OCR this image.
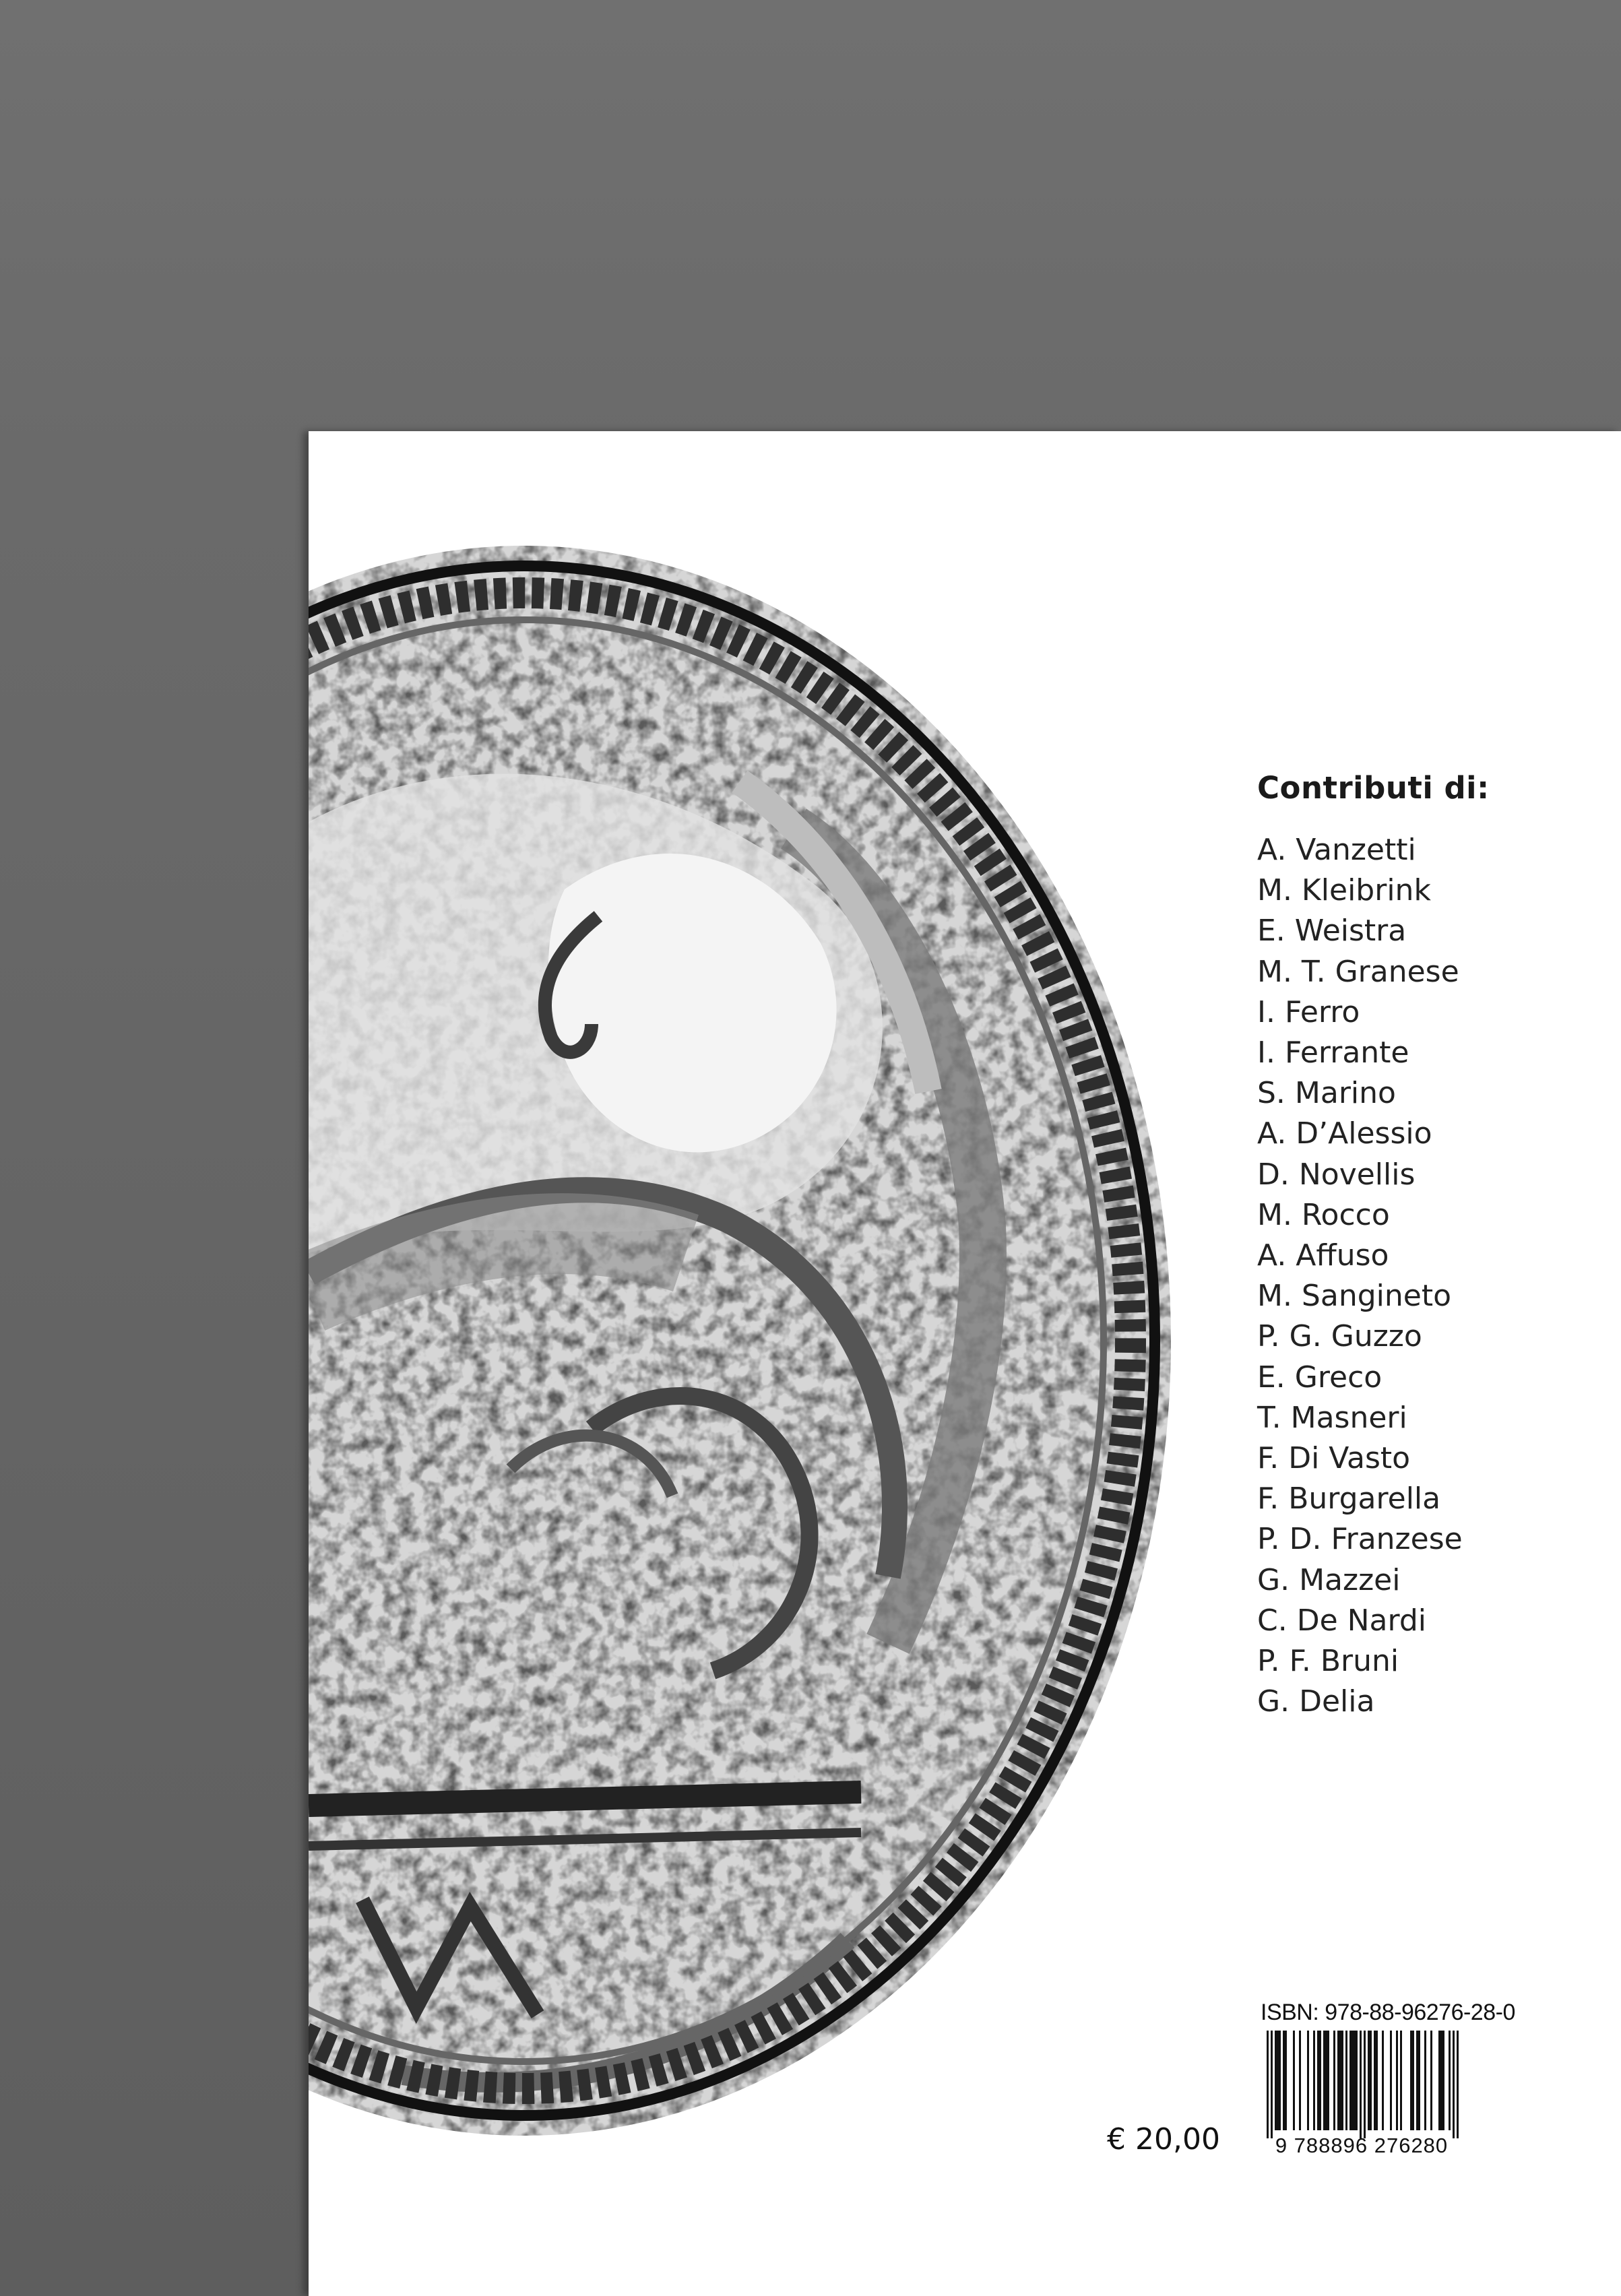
Contributi di:
A. Vanzetti
M. Kleibrink
E. Weistra
M. T. Granese
I. Ferro
I. Ferrante
S. Marino
A. D’Alessio
D. Novellis
M. Rocco
A. Affuso
M. Sangineto
P. G. Guzzo
E. Greco
T. Masneri
F. Di Vasto
F. Burgarella
P. D. Franzese
G. Mazzei
C. De Nardi
P. F. Bruni
G. Delia
ISBN: 978-88-96276-28-0
9 788896 276280
€ 20,00
